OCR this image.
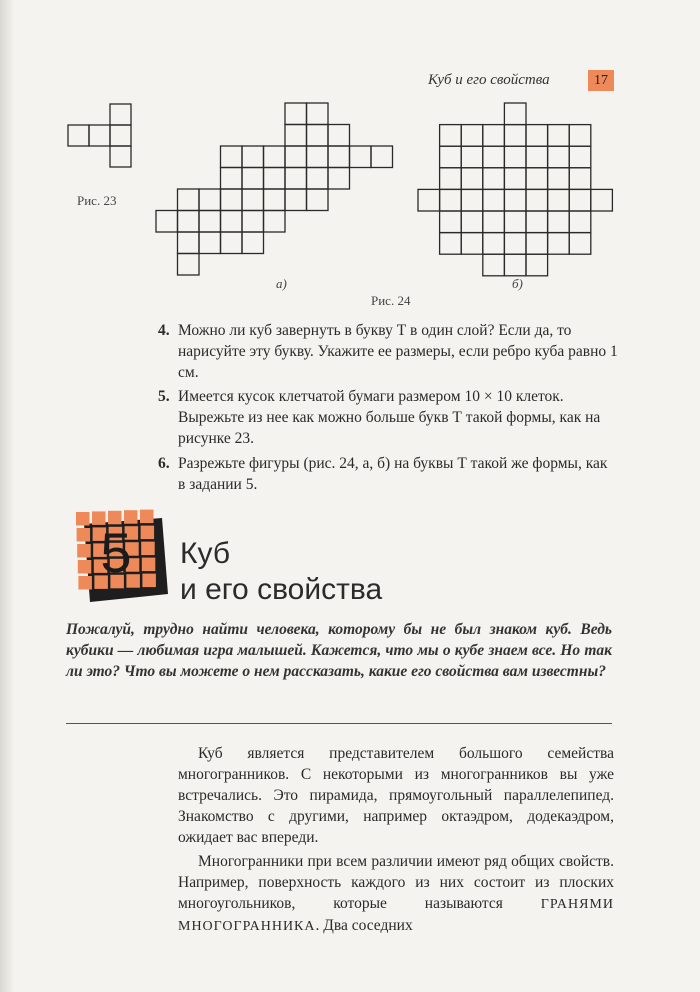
Куб и его свойства	17
Рис. 23
а)	б)
Рис. 24
4. Можно ли куб завернуть в букву Т в один слой? Если да, то нарисуйте эту букву. Укажите ее размеры, если ребро куба равно 1 см.
5. Имеется кусок клетчатой бумаги размером 10 × 10 клеток. Вырежьте из нее как можно больше букв Т такой формы, как на рисунке 23.
6. Разрежьте фигуры (рис. 24, а, б) на буквы Т такой же формы, как в задании 5.
5 Куб
и его свойства
Пожалуй, трудно найти человека, которому бы не был знаком куб. Ведь кубики — любимая игра малышей. Кажется, что мы о кубе знаем все. Но так ли это? Что вы можете о нем рассказать, какие его свойства вам известны?

Куб является представителем большого семейства многогранников. С некоторыми из многогранников вы уже встречались. Это пирамида, прямоугольный параллелепипед. Знакомство с другими, например октаэдром, додекаэдром, ожидает вас впереди.

Многогранники при всем различии имеют ряд общих свойств. Например, поверхность каждого из них состоит из плоских многоугольников, которые называются ГРАНЯМИ МНОГОГРАННИКА. Два соседних
